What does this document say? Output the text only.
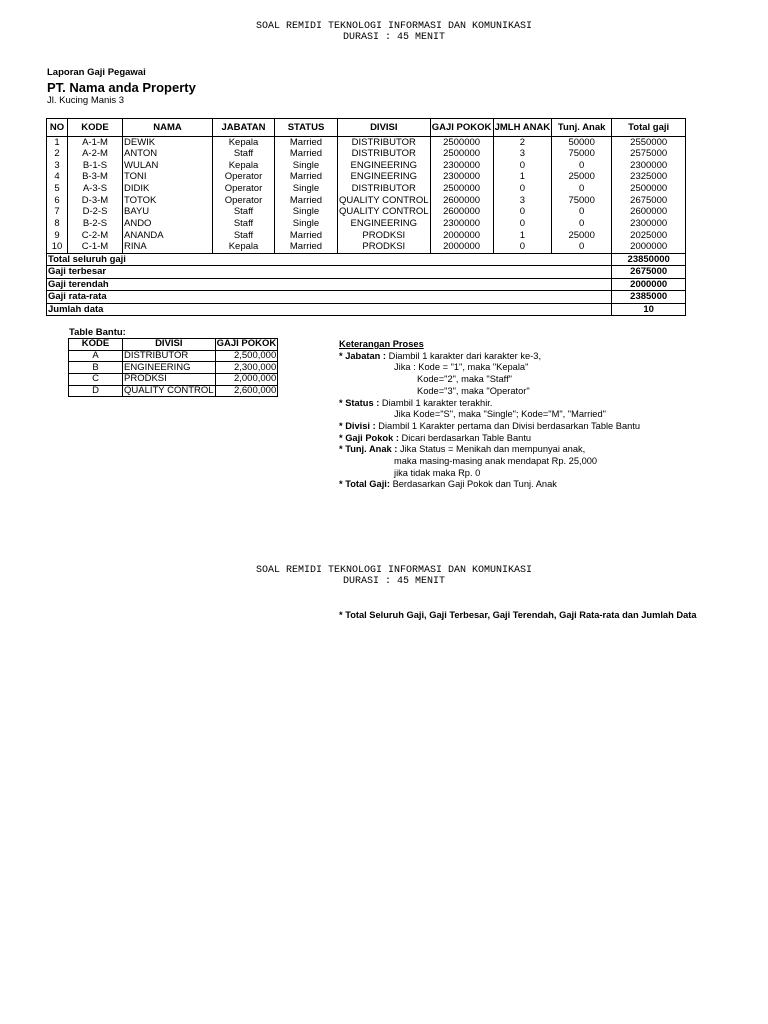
SOAL REMIDI TEKNOLOGI INFORMASI DAN KOMUNIKASI
DURASI : 45 MENIT
Laporan Gaji Pegawai
PT. Nama anda Property
Jl. Kucing Manis 3
NO	KODE	NAMA	JABATAN	STATUS	DIVISI	GAJI POKOK	JMLH ANAK	Tunj. Anak	Total gaji
1	A-1-M	DEWIK	Kepala	Married	DISTRIBUTOR	2500000	2	50000	2550000
2	A-2-M	ANTON	Staff	Married	DISTRIBUTOR	2500000	3	75000	2575000
3	B-1-S	WULAN	Kepala	Single	ENGINEERING	2300000	0	0	2300000
4	B-3-M	TONI	Operator	Married	ENGINEERING	2300000	1	25000	2325000
5	A-3-S	DIDIK	Operator	Single	DISTRIBUTOR	2500000	0	0	2500000
6	D-3-M	TOTOK	Operator	Married	QUALITY CONTROL	2600000	3	75000	2675000
7	D-2-S	BAYU	Staff	Single	QUALITY CONTROL	2600000	0	0	2600000
8	B-2-S	ANDO	Staff	Single	ENGINEERING	2300000	0	0	2300000
9	C-2-M	ANANDA	Staff	Married	PRODKSI	2000000	1	25000	2025000
10	C-1-M	RINA	Kepala	Married	PRODKSI	2000000	0	0	2000000
Total seluruh gaji									23850000
Gaji terbesar									2675000
Gaji terendah									2000000
Gaji rata-rata									2385000
Jumlah data									10
Table Bantu:
KODE	DIVISI	GAJI POKOK
A	DISTRIBUTOR	2,500,000
B	ENGINEERING	2,300,000
C	PRODKSI	2,000,000
D	QUALITY CONTROL	2,600,000
Keterangan Proses
* Jabatan : Diambil 1 karakter dari karakter ke-3,
Jika : Kode = "1", maka "Kepala"
Kode="2", maka "Staff"
Kode="3", maka "Operator"
* Status : Diambil 1 karakter terakhir.
Jika Kode="S", maka "Single"; Kode="M", "Married"
* Divisi : Diambil 1 Karakter pertama dan Divisi berdasarkan Table Bantu
* Gaji Pokok : Dicari berdasarkan Table Bantu
* Tunj. Anak : Jika Status = Menikah dan mempunyai anak,
maka masing-masing anak mendapat Rp. 25,000
jika tidak maka Rp. 0
* Total Gaji: Berdasarkan Gaji Pokok dan Tunj. Anak
SOAL REMIDI TEKNOLOGI INFORMASI DAN KOMUNIKASI
DURASI : 45 MENIT
* Total Seluruh Gaji, Gaji Terbesar, Gaji Terendah, Gaji Rata-rata dan Jumlah Data
